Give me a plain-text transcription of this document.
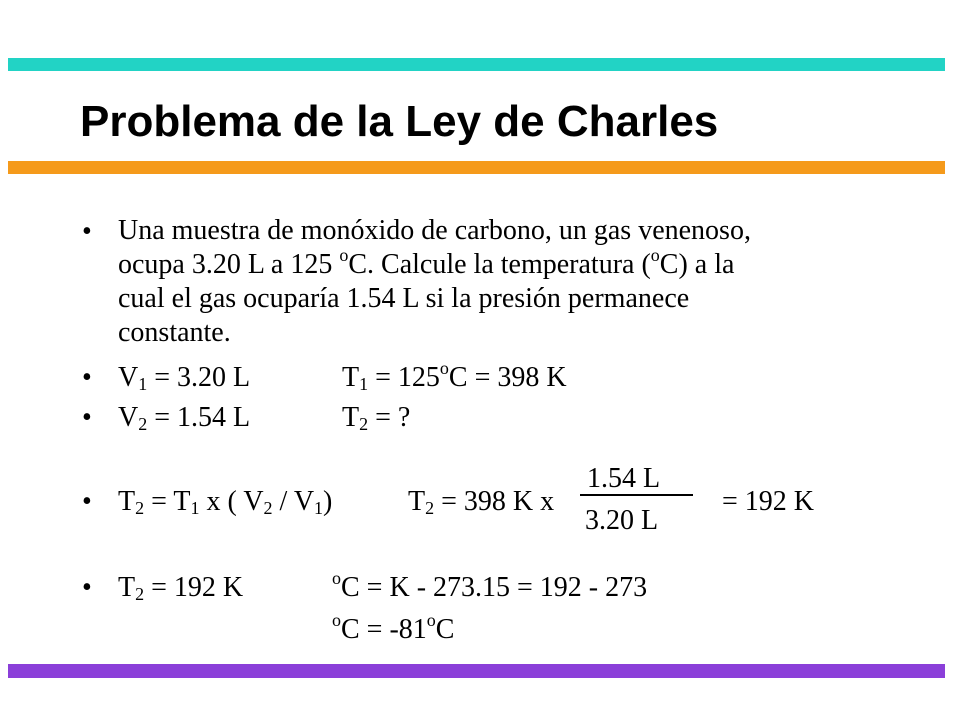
Problema de la Ley de Charles
• Una muestra de monóxido de carbono, un gas venenoso,
ocupa 3.20 L a 125 $^o$C. Calcule la temperatura ($^o$C) a la
cual el gas ocuparía 1.54 L si la presión permanece
constante.
• $V_1 = 3.20$ L	$T_1 = 125^oC = 398$ K
• $V_2 = 1.54$ L	$T_2$ = ?
• $T_2 = T_1$ x ( $V_2 / V_1$)	$T_2 = 398$ K x
1.54 L
3.20 L
= 192 K
• $T_2 = 192$ K	$^o$C = K - 273.15 = 192 - 273
$^oC = -81^oC$
